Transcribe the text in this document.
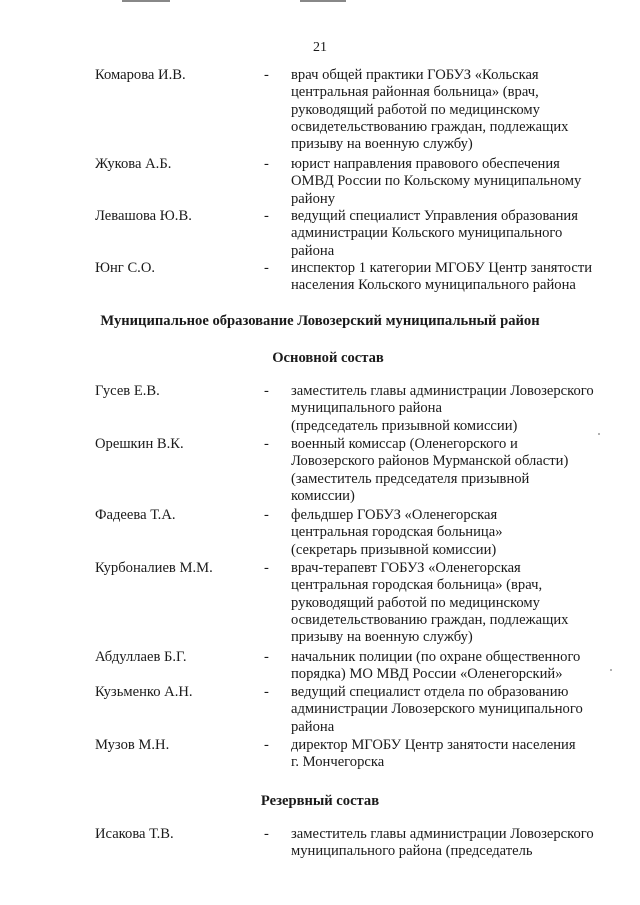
21
Комарова И.В.	- врач общей практики ГОБУЗ «Кольская
центральная районная больница» (врач,
руководящий работой по медицинскому
освидетельствованию граждан, подлежащих
призыву на военную службу)
Жукова А.Б.	- юрист направления правового обеспечения
ОМВД России по Кольскому муниципальному
району
Левашова Ю.В.	- ведущий специалист Управления образования
администрации Кольского муниципального
района
Юнг С.О.	- инспектор 1 категории МГОБУ Центр занятости
населения Кольского муниципального района
Муниципальное образование Ловозерский муниципальный район
Основной состав
Гусев Е.В.	- заместитель главы администрации Ловозерского
муниципального района
(председатель призывной комиссии)
Орешкин В.К.	- военный комиссар (Оленегорского и
Ловозерского районов Мурманской области)
(заместитель председателя призывной
комиссии)
Фадеева Т.А.	- фельдшер ГОБУЗ «Оленегорская
центральная городская больница»
(секретарь призывной комиссии)
Курбоналиев М.М.	- врач-терапевт ГОБУЗ «Оленегорская
центральная городская больница» (врач,
руководящий работой по медицинскому
освидетельствованию граждан, подлежащих
призыву на военную службу)
Абдуллаев Б.Г.	- начальник полиции (по охране общественного
порядка) МО МВД России «Оленегорский»
Кузьменко А.Н.	- ведущий специалист отдела по образованию
администрации Ловозерского муниципального
района
Музов М.Н.	- директор МГОБУ Центр занятости населения
г. Мончегорска
Резервный состав
Исакова Т.В.	- заместитель главы администрации Ловозерского
муниципального района (председатель
